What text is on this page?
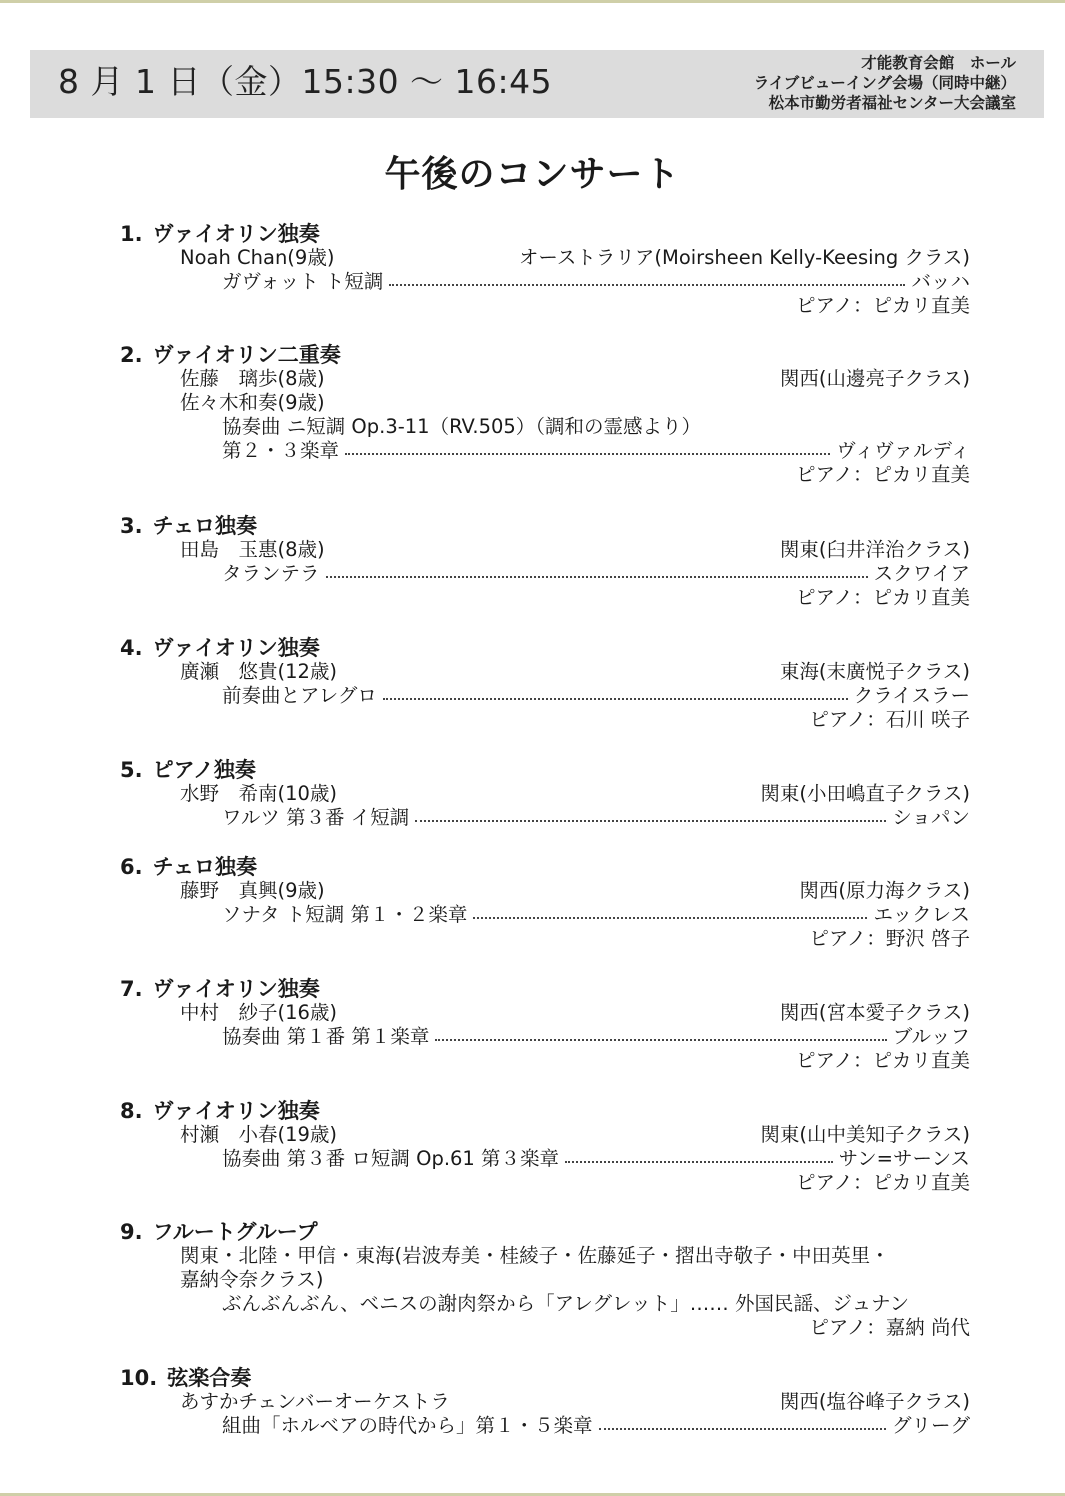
8 月 1 日（金）15:30 ～ 16:45	才能教育会館　ホール
ライブビューイング会場（同時中継）
松本市勤労者福祉センター大会議室
午後のコンサート
1. ヴァイオリン独奏
Noah Chan(9歳)	オーストラリア(Moirsheen Kelly-Keesing クラス)
ガヴォット ト短調	バッハ
ピアノ：ピカリ直美
2. ヴァイオリン二重奏
佐藤　璃歩(8歳)	関西(山邊亮子クラス)
佐々木和奏(9歳)
協奏曲 ニ短調 Op.3-11（RV.505）（調和の霊感より）
第２・３楽章	ヴィヴァルディ
ピアノ：ピカリ直美
3. チェロ独奏
田島　玉惠(8歳)	関東(臼井洋治クラス)
タランテラ	スクワイア
ピアノ：ピカリ直美
4. ヴァイオリン独奏
廣瀬　悠貴(12歳)	東海(末廣悦子クラス)
前奏曲とアレグロ	クライスラー
ピアノ：石川 咲子
5. ピアノ独奏
水野　希南(10歳)	関東(小田嶋直子クラス)
ワルツ 第３番 イ短調	ショパン
6. チェロ独奏
藤野　真興(9歳)	関西(原力海クラス)
ソナタ ト短調 第１・２楽章	エックレス
ピアノ：野沢 啓子
7. ヴァイオリン独奏
中村　紗子(16歳)	関西(宮本愛子クラス)
協奏曲 第１番 第１楽章	ブルッフ
ピアノ：ピカリ直美
8. ヴァイオリン独奏
村瀬　小春(19歳)	関東(山中美知子クラス)
協奏曲 第３番 ロ短調 Op.61 第３楽章	サン=サーンス
ピアノ：ピカリ直美
9. フルートグループ
関東・北陸・甲信・東海(岩波寿美・桂綾子・佐藤延子・摺出寺敬子・中田英里・
嘉納令奈クラス)
ぶんぶんぶん、ベニスの謝肉祭から「アレグレット」…… 外国民謡、ジュナン
ピアノ：嘉納 尚代
10. 弦楽合奏
あすかチェンバーオーケストラ	関西(塩谷峰子クラス)
組曲「ホルベアの時代から」第１・５楽章	グリーグ
